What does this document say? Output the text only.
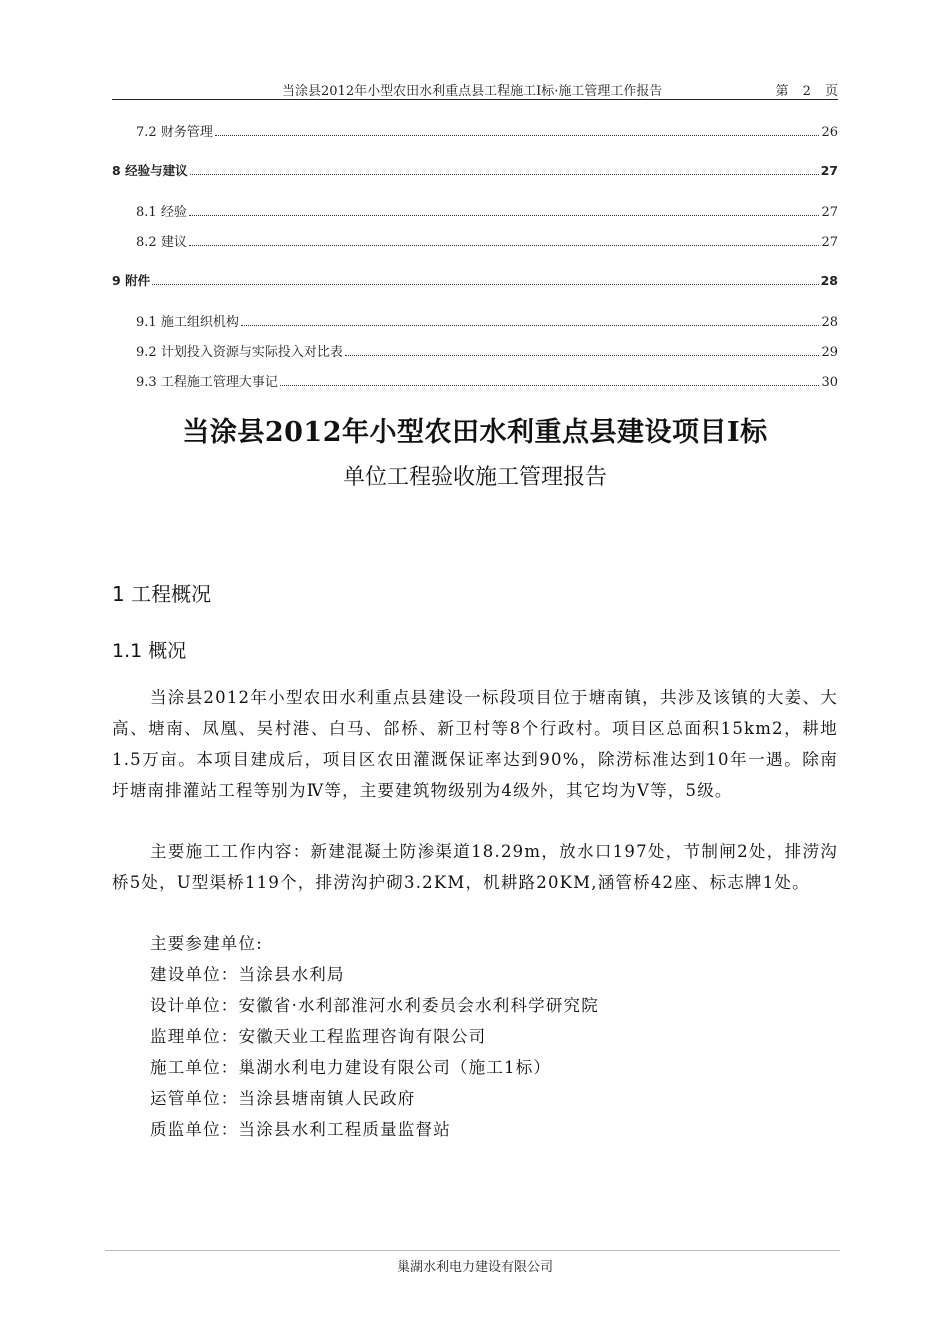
当涂县2012年小型农田水利重点县工程施工Ⅰ标·施工管理工作报告	第 2 页
7.2 财务管理	26
8 经验与建议	27
8.1 经验	27
8.2 建议	27
9 附件	28
9.1 施工组织机构	28
9.2 计划投入资源与实际投入对比表	29
9.3 工程施工管理大事记	30
当涂县2012年小型农田水利重点县建设项目Ⅰ标
单位工程验收施工管理报告
1 工程概况
1.1 概况
当涂县2012年小型农田水利重点县建设一标段项目位于塘南镇，共涉及该镇的大姜、大高、塘南、凤凰、吴村港、白马、郃桥、新卫村等8个行政村。项目区总面积15km2，耕地1.5万亩。本项目建成后，项目区农田灌溉保证率达到90%，除涝标准达到10年一遇。除南圩塘南排灌站工程等别为Ⅳ等，主要建筑物级别为4级外，其它均为Ⅴ等，5级。
主要施工工作内容：新建混凝土防渗渠道18.29m，放水口197处，节制闸2处，排涝沟桥5处，U型渠桥119个，排涝沟护砌3.2KM，机耕路20KM,涵管桥42座、标志牌1处。
主要参建单位:
建设单位：当涂县水利局
设计单位：安徽省·水利部淮河水利委员会水利科学研究院
监理单位：安徽天业工程监理咨询有限公司
施工单位：巢湖水利电力建设有限公司（施工1标）
运管单位：当涂县塘南镇人民政府
质监单位：当涂县水利工程质量监督站
巢湖水利电力建设有限公司
